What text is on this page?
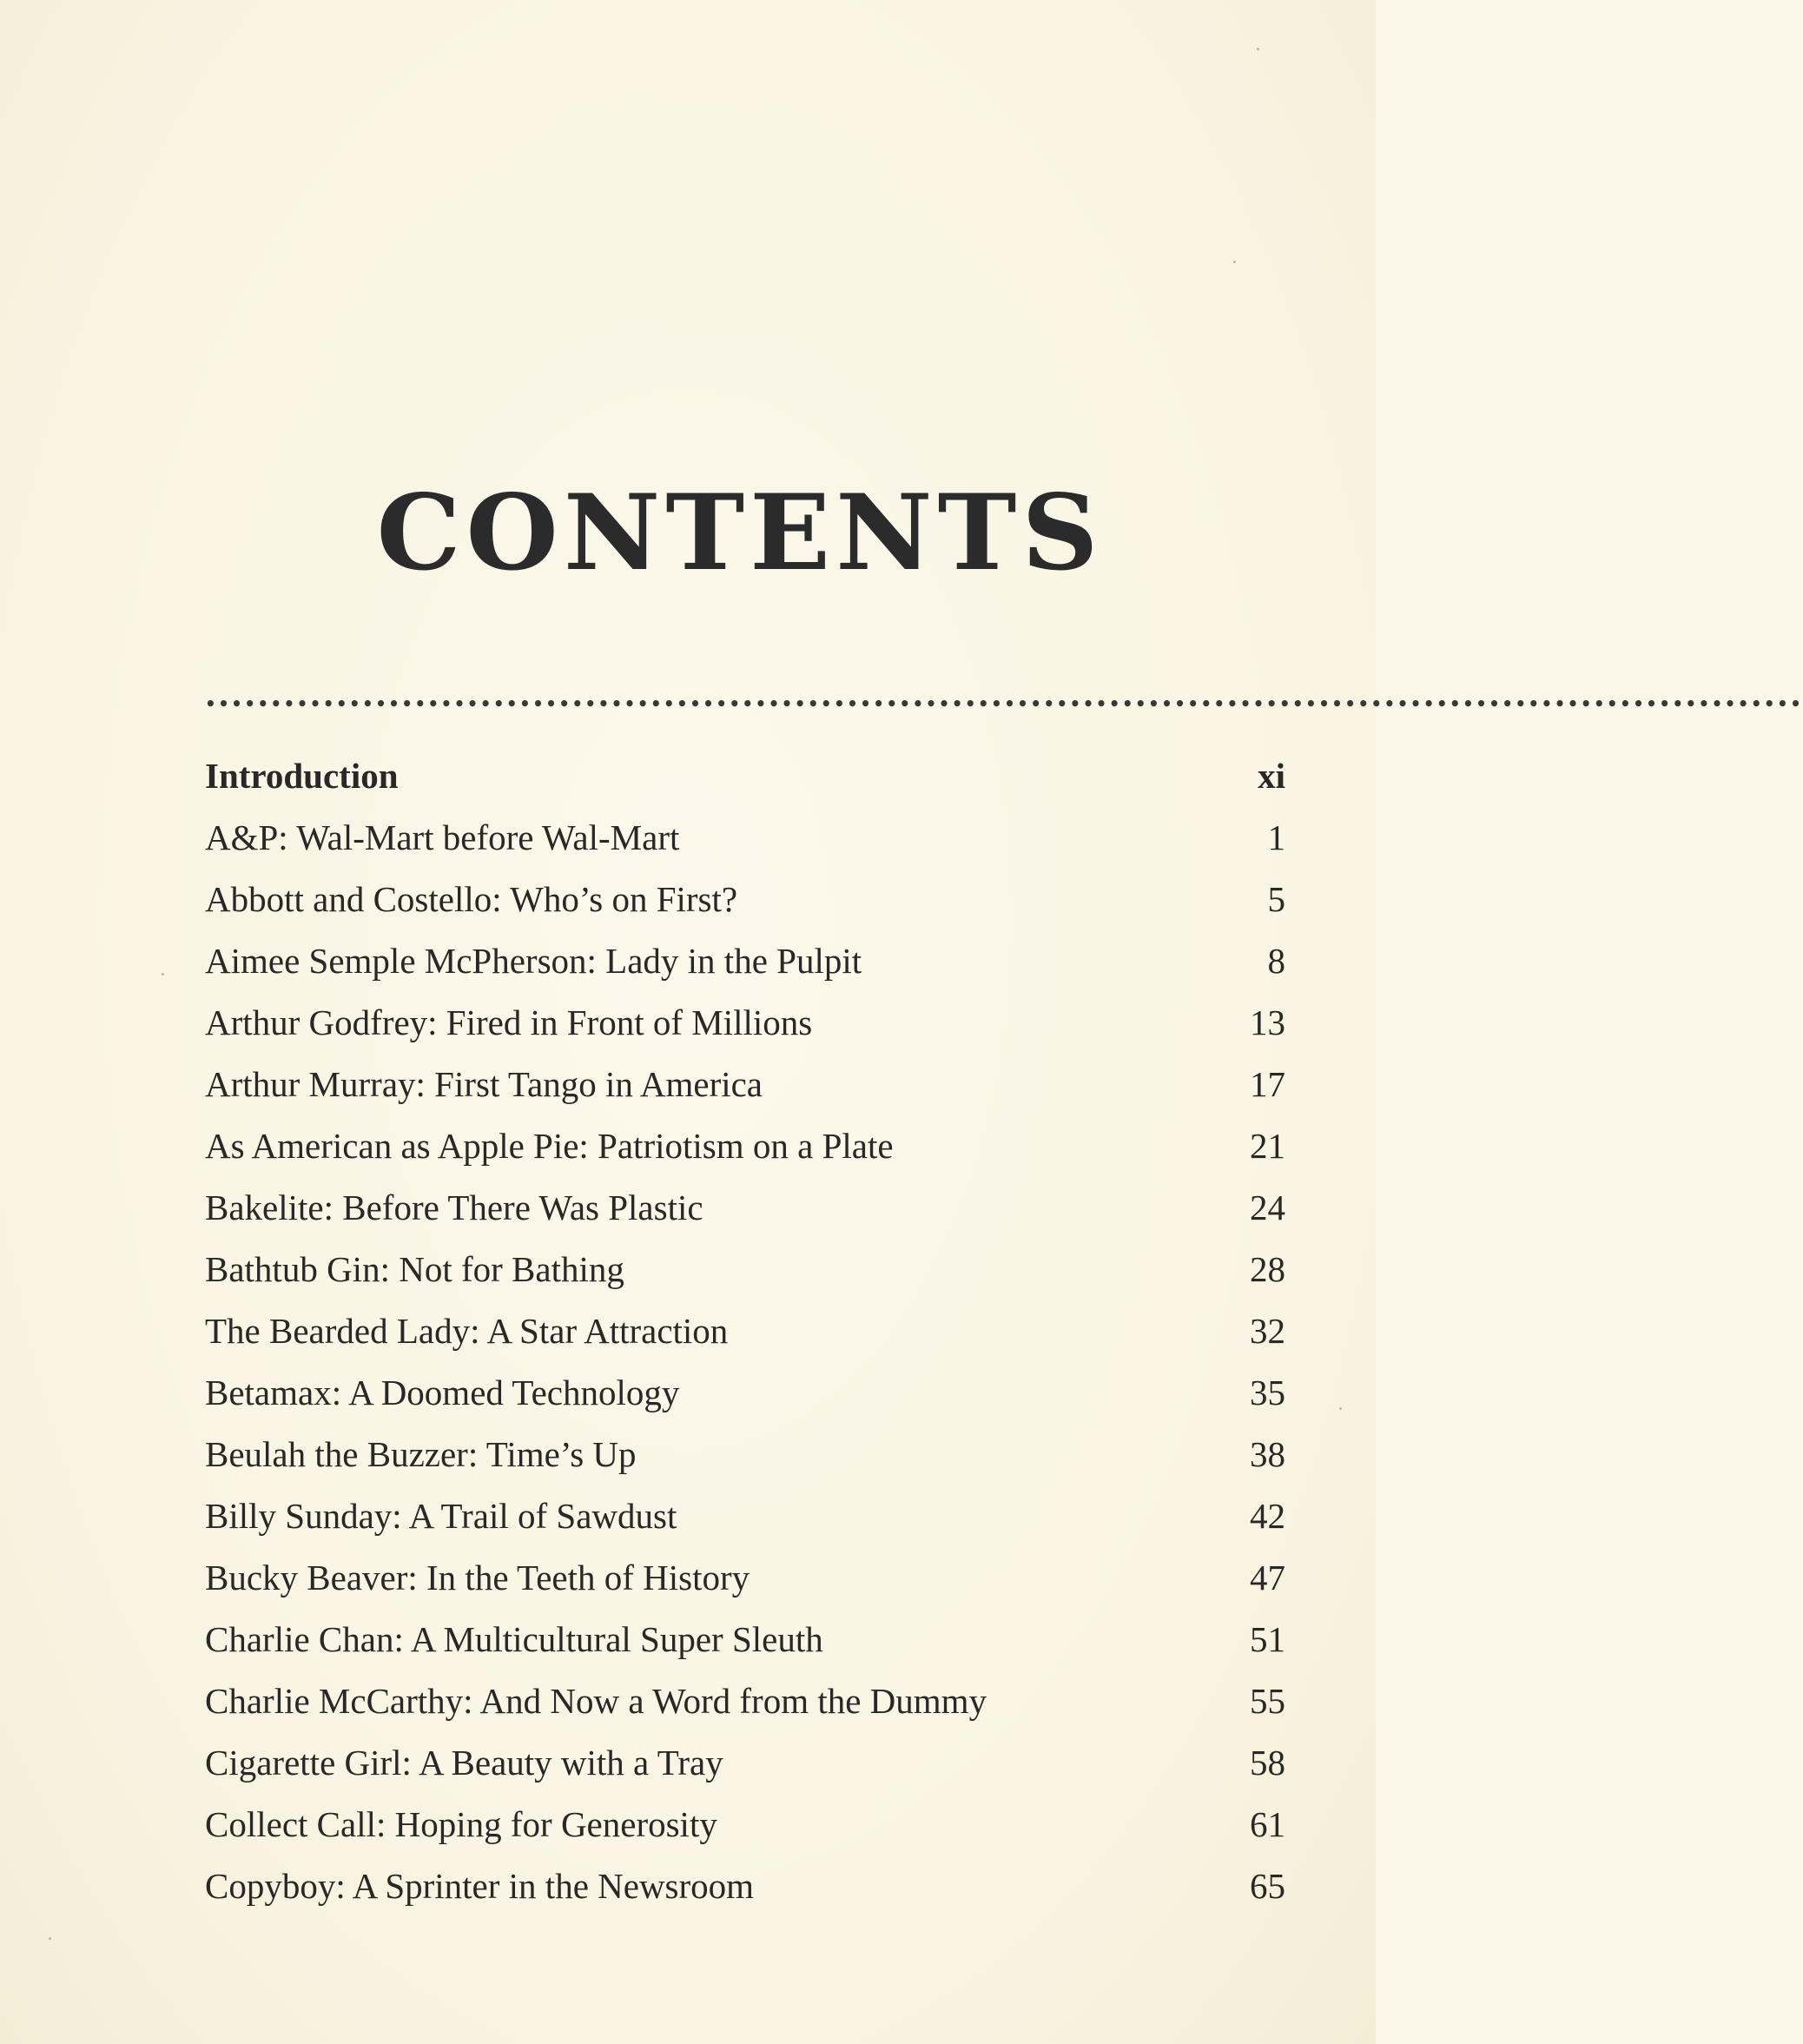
CONTENTS
••••••••••••••••••••••••••••••••••••••••••••••••••••••••••••••••••••••••••••••••••••••••••••••••••••••••••••••••••••••••••
Introduction	xi
A&P: Wal-Mart before Wal-Mart	1
Abbott and Costello: Who’s on First?	5
Aimee Semple McPherson: Lady in the Pulpit	8
Arthur Godfrey: Fired in Front of Millions	13
Arthur Murray: First Tango in America	17
As American as Apple Pie: Patriotism on a Plate	21
Bakelite: Before There Was Plastic	24
Bathtub Gin: Not for Bathing	28
The Bearded Lady: A Star Attraction	32
Betamax: A Doomed Technology	35
Beulah the Buzzer: Time’s Up	38
Billy Sunday: A Trail of Sawdust	42
Bucky Beaver: In the Teeth of History	47
Charlie Chan: A Multicultural Super Sleuth	51
Charlie McCarthy: And Now a Word from the Dummy	55
Cigarette Girl: A Beauty with a Tray	58
Collect Call: Hoping for Generosity	61
Copyboy: A Sprinter in the Newsroom	65
